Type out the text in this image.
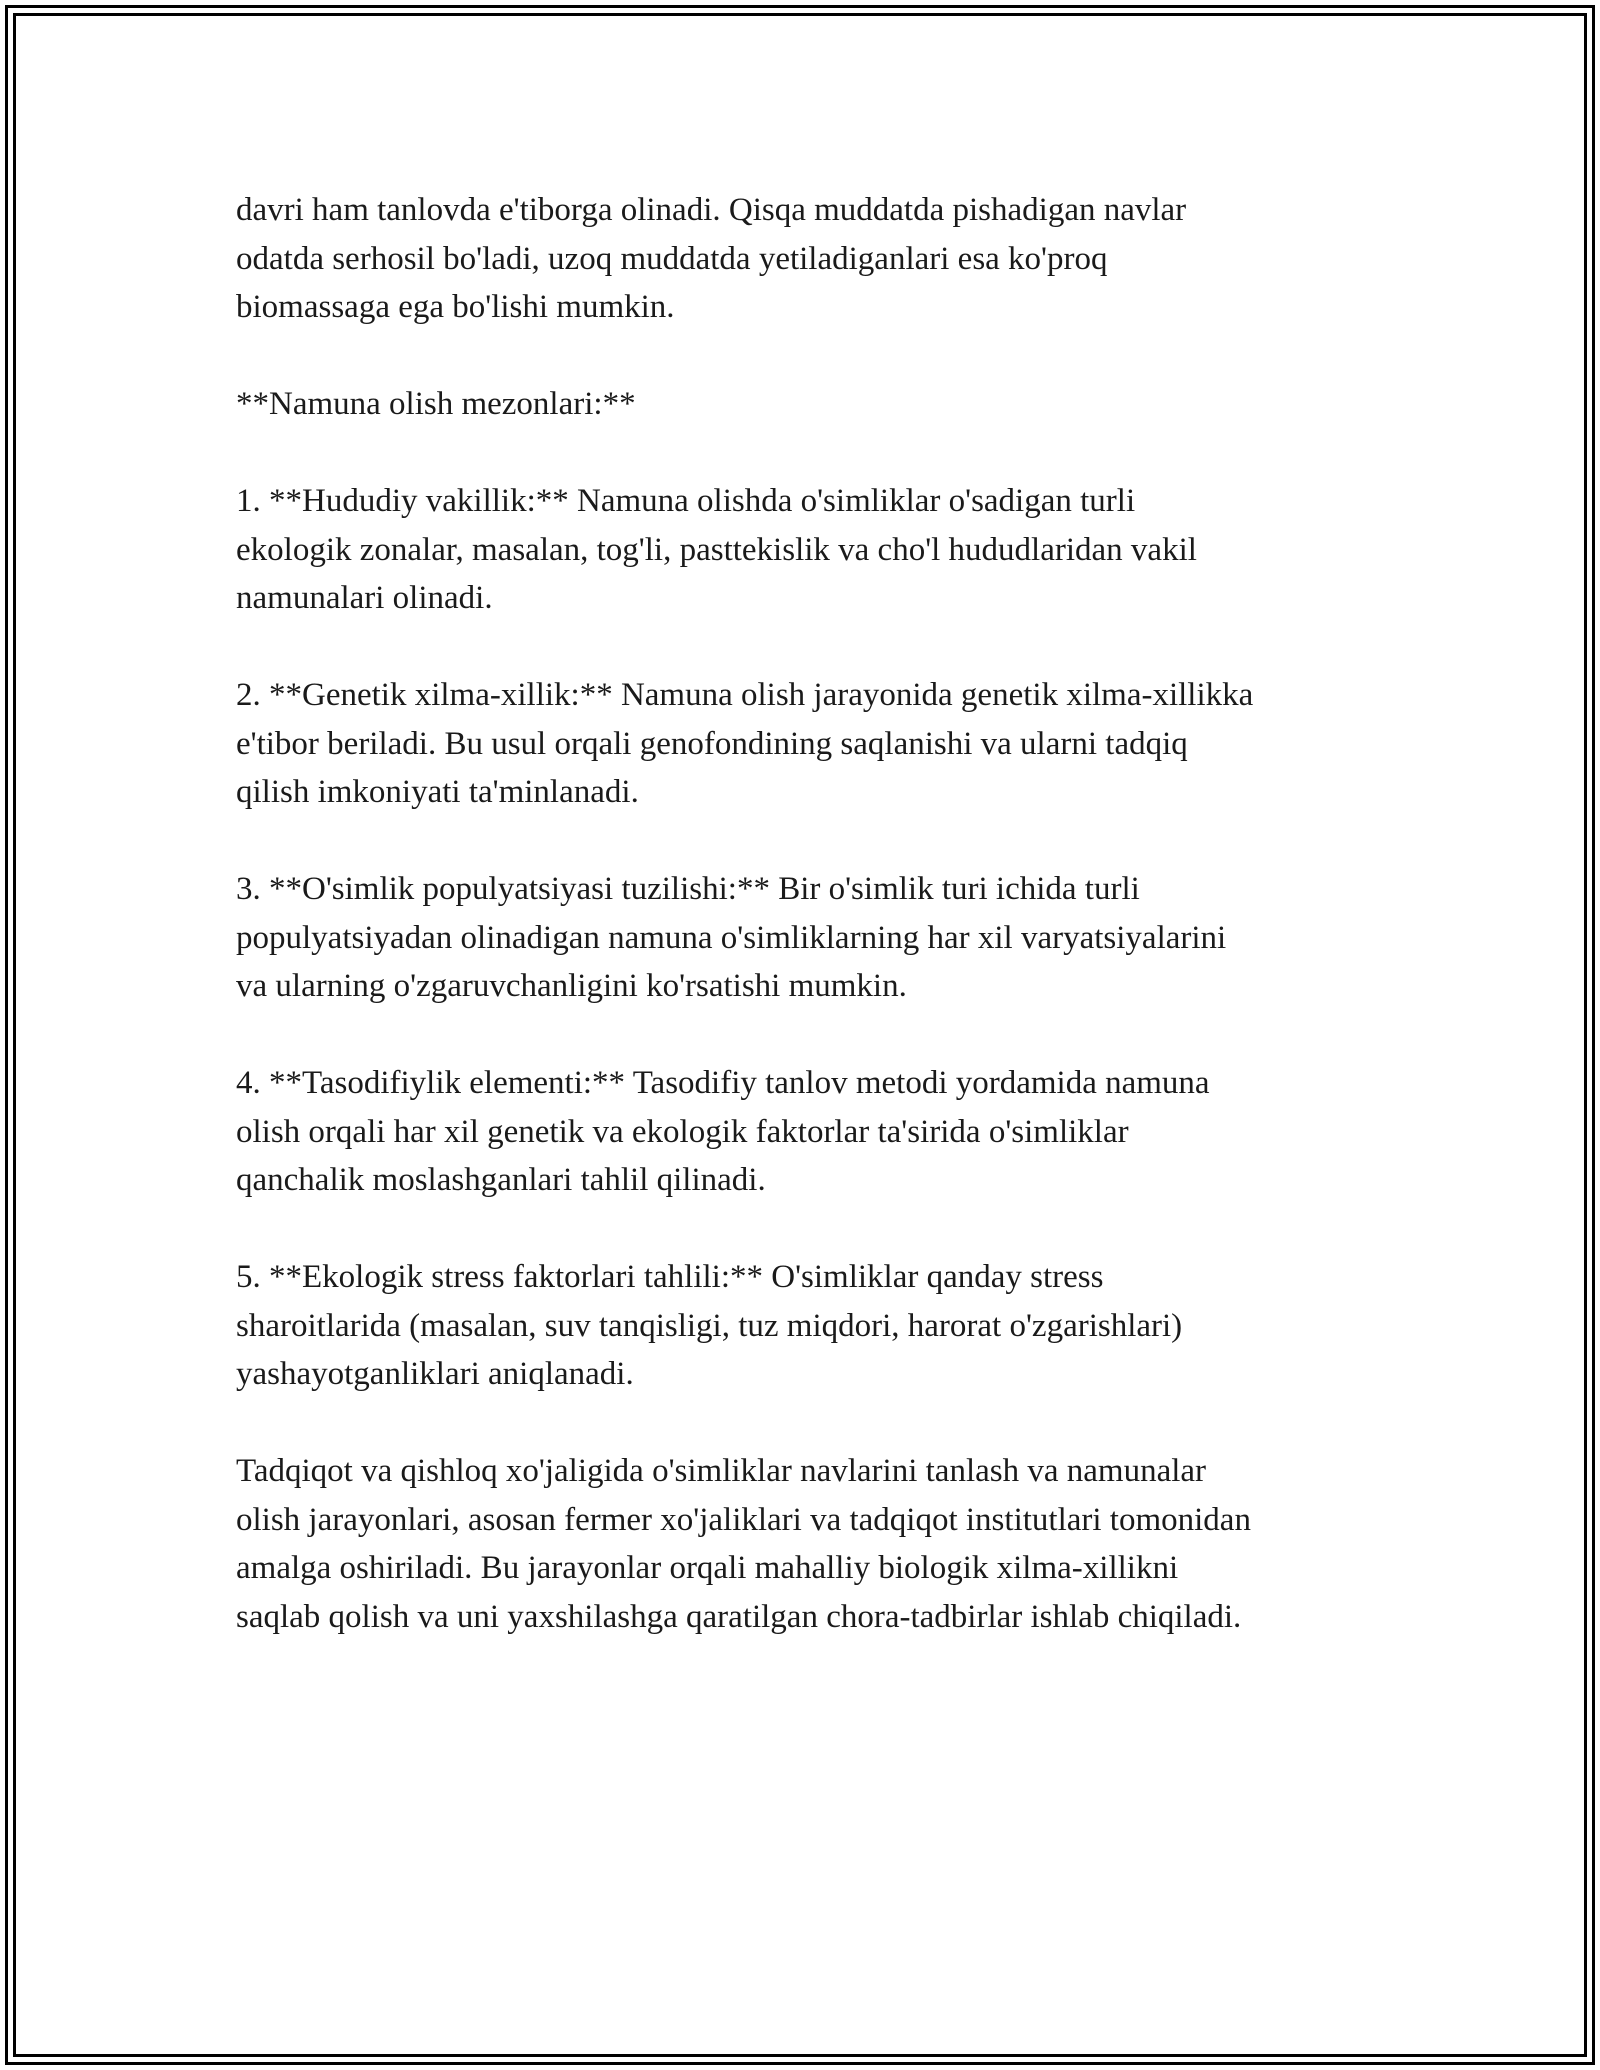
davri ham tanlovda e'tiborga olinadi. Qisqa muddatda pishadigan navlar
odatda serhosil bo'ladi, uzoq muddatda yetiladiganlari esa ko'proq
biomassaga ega bo'lishi mumkin.

**Namuna olish mezonlari:**

1. **Hududiy vakillik:** Namuna olishda o'simliklar o'sadigan turli
ekologik zonalar, masalan, tog'li, pasttekislik va cho'l hududlaridan vakil
namunalari olinadi.

2. **Genetik xilma-xillik:** Namuna olish jarayonida genetik xilma-xillikka
e'tibor beriladi. Bu usul orqali genofondining saqlanishi va ularni tadqiq
qilish imkoniyati ta'minlanadi.

3. **O'simlik populyatsiyasi tuzilishi:** Bir o'simlik turi ichida turli
populyatsiyadan olinadigan namuna o'simliklarning har xil varyatsiyalarini
va ularning o'zgaruvchanligini ko'rsatishi mumkin.

4. **Tasodifiylik elementi:** Tasodifiy tanlov metodi yordamida namuna
olish orqali har xil genetik va ekologik faktorlar ta'sirida o'simliklar
qanchalik moslashganlari tahlil qilinadi.

5. **Ekologik stress faktorlari tahlili:** O'simliklar qanday stress
sharoitlarida (masalan, suv tanqisligi, tuz miqdori, harorat o'zgarishlari)
yashayotganliklari aniqlanadi.

Tadqiqot va qishloq xo'jaligida o'simliklar navlarini tanlash va namunalar
olish jarayonlari, asosan fermer xo'jaliklari va tadqiqot institutlari tomonidan
amalga oshiriladi. Bu jarayonlar orqali mahalliy biologik xilma-xillikni
saqlab qolish va uni yaxshilashga qaratilgan chora-tadbirlar ishlab chiqiladi.
